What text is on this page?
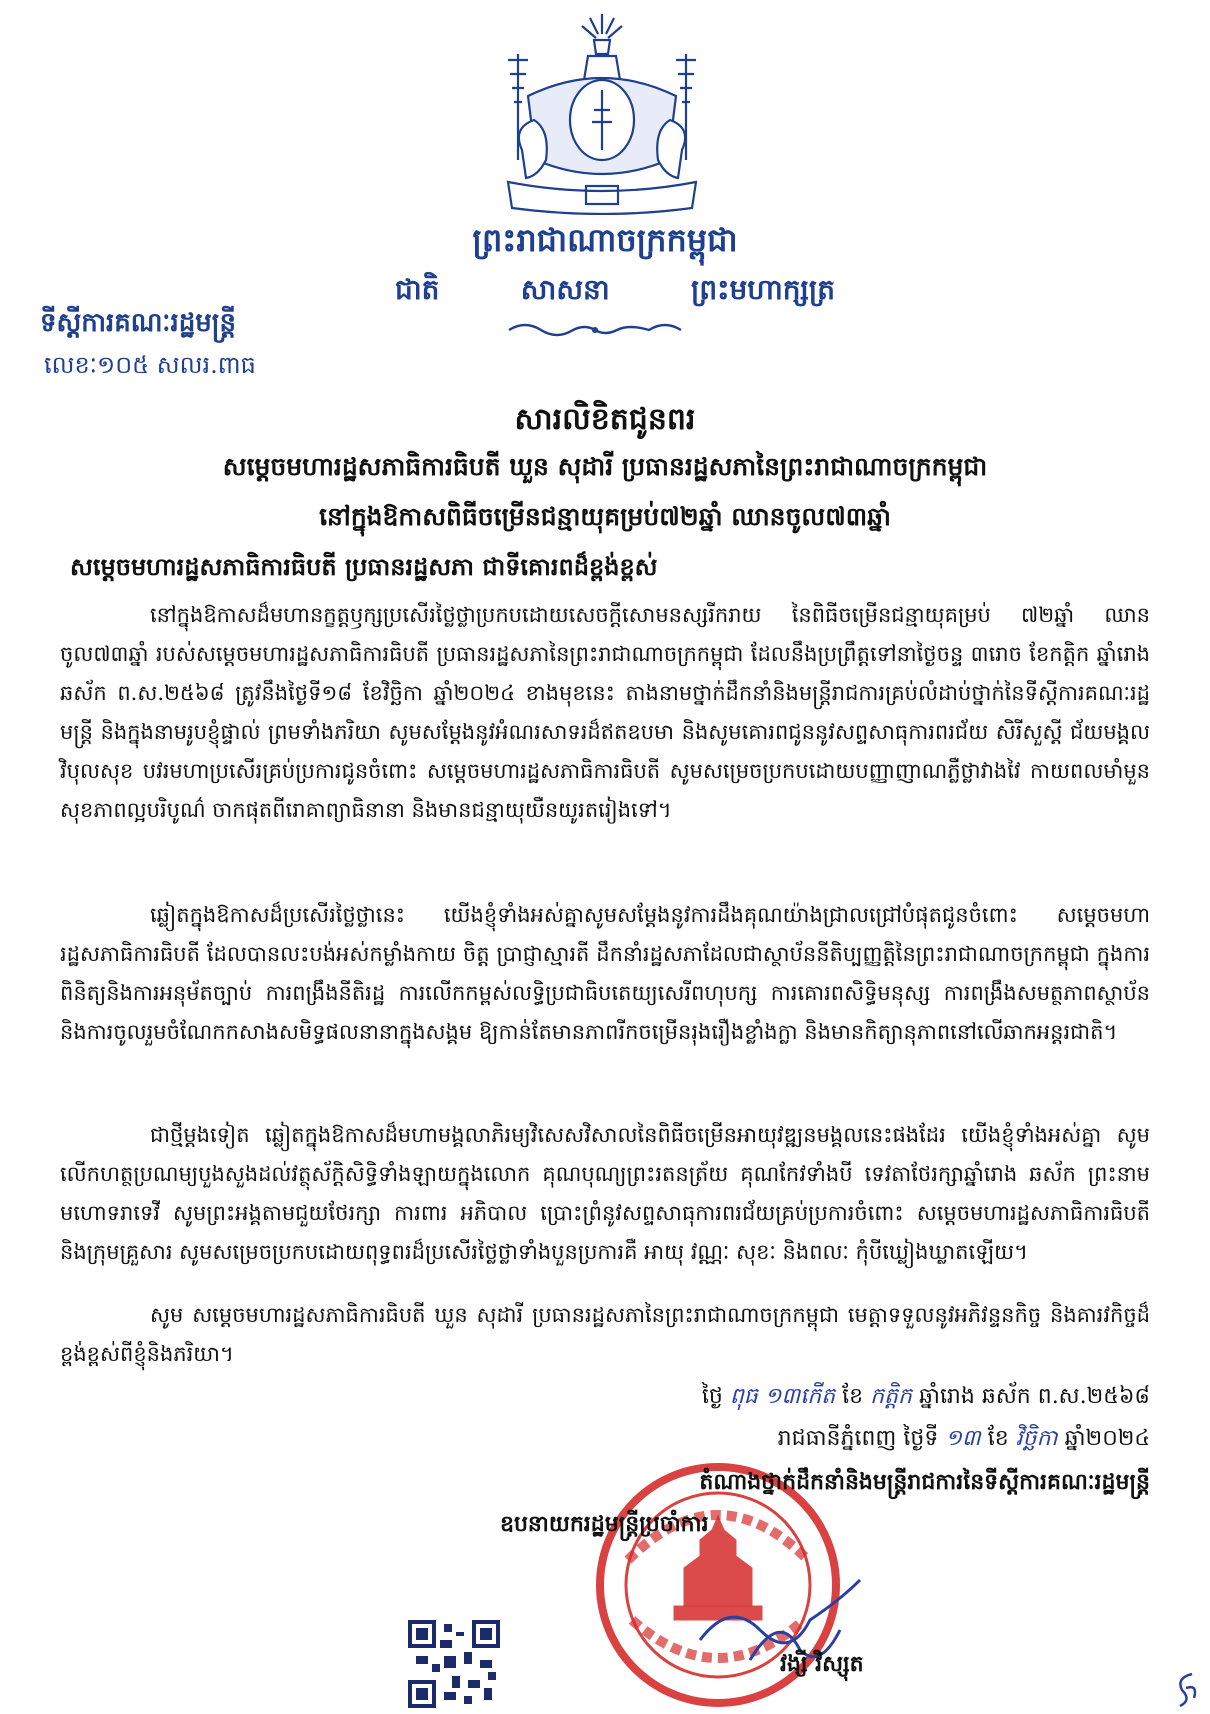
ព្រះរាជាណាចក្រកម្ពុជា
ជាតិ	សាសនា	ព្រះមហាក្សត្រ
ទីស្តីការគណៈរដ្ឋមន្ត្រី
លេខៈ១០៥ សលរ.ពាធ
សារលិខិតជូនពរ
សម្តេចមហារដ្ឋសភាធិការធិបតី ឃួន សុដារី ប្រធានរដ្ឋសភានៃព្រះរាជាណាចក្រកម្ពុជា
នៅក្នុងឱកាសពិធីចម្រើនជន្មាយុគម្រប់៧២ឆ្នាំ ឈានចូល៧៣ឆ្នាំ
សម្តេចមហារដ្ឋសភាធិការធិបតី ប្រធានរដ្ឋសភា ជាទីគោរពដ៏ខ្ពង់ខ្ពស់

នៅក្នុងឱកាសដ៏មហានក្ខត្តឫក្សប្រសើរថ្លៃថ្លាប្រកបដោយសេចក្តីសោមនស្សរីករាយ នៃពិធីចម្រើនជន្មាយុគម្រប់ ៧២ឆ្នាំ ឈានចូល៧៣ឆ្នាំ របស់សម្តេចមហារដ្ឋសភាធិការធិបតី ប្រធានរដ្ឋសភានៃព្រះរាជាណាចក្រកម្ពុជា ដែលនឹងប្រព្រឹត្តទៅនាថ្ងៃចន្ទ ៣រោច ខែកត្តិក ឆ្នាំរោង ឆស័ក ព.ស.២៥៦៨ ត្រូវនឹងថ្ងៃទី១៨ ខែវិច្ឆិកា ឆ្នាំ២០២៤ ខាងមុខនេះ តាងនាមថ្នាក់ដឹកនាំនិងមន្ត្រីរាជការគ្រប់លំដាប់ថ្នាក់នៃទីស្តីការគណៈរដ្ឋមន្ត្រី និងក្នុងនាមរូបខ្ញុំផ្ទាល់ ព្រមទាំងភរិយា សូមសម្តែងនូវអំណរសាទរដ៏ឥតឧបមា និងសូមគោរពជូននូវសព្ទសាធុការពរជ័យ សិរីសួស្តី ជ័យមង្គល វិបុលសុខ បវរមហាប្រសើរគ្រប់ប្រការជូនចំពោះ សម្តេចមហារដ្ឋសភាធិការធិបតី សូមសម្រេចប្រកបដោយបញ្ញាញាណភ្លឺថ្លាវាងវៃ កាយពលមាំមួន សុខភាពល្អបរិបូណ៌ ចាកផុតពីរោគាព្យាធិនានា និងមានជន្មាយុយឺនយូរតរៀងទៅ។

ឆ្លៀតក្នុងឱកាសដ៏ប្រសើរថ្លៃថ្លានេះ យើងខ្ញុំទាំងអស់គ្នាសូមសម្តែងនូវការដឹងគុណយ៉ាងជ្រាលជ្រៅបំផុតជូនចំពោះ សម្តេចមហារដ្ឋសភាធិការធិបតី ដែលបានលះបង់អស់កម្លាំងកាយ ចិត្ត ប្រាជ្ញាស្មារតី ដឹកនាំរដ្ឋសភាដែលជាស្ថាប័ននីតិប្បញ្ញត្តិនៃព្រះរាជាណាចក្រកម្ពុជា ក្នុងការពិនិត្យនិងការអនុម័តច្បាប់ ការពង្រឹងនីតិរដ្ឋ ការលើកកម្ពស់លទ្ធិប្រជាធិបតេយ្យសេរីពហុបក្ស ការគោរពសិទ្ធិមនុស្ស ការពង្រឹងសមត្ថភាពស្ថាប័ន និងការចូលរួមចំណែកកសាងសមិទ្ធផលនានាក្នុងសង្គម ឱ្យកាន់តែមានភាពរីកចម្រើនរុងរឿងខ្លាំងក្លា និងមានកិត្យានុភាពនៅលើឆាកអន្តរជាតិ។

ជាថ្មីម្តងទៀត ឆ្លៀតក្នុងឱកាសដ៏មហាមង្គលាភិរម្យវិសេសវិសាលនៃពិធីចម្រើនអាយុវឌ្ឍនមង្គលនេះផងដែរ យើងខ្ញុំទាំងអស់គ្នា សូមលើកហត្ថប្រណម្យបួងសួងដល់វត្ថុស័ក្តិសិទ្ធិទាំងឡាយក្នុងលោក គុណបុណ្យព្រះរតនត្រ័យ គុណកែវទាំងបី ទេវតាថែរក្សាឆ្នាំរោង ឆស័ក ព្រះនាម មហោទរាទេវី សូមព្រះអង្គតាមជួយថែរក្សា ការពារ អភិបាល ប្រោះព្រំនូវសព្ទសាធុការពរជ័យគ្រប់ប្រការចំពោះ សម្តេចមហារដ្ឋសភាធិការធិបតី និងក្រុមគ្រួសារ សូមសម្រេចប្រកបដោយពុទ្ធពរដ៏ប្រសើរថ្លៃថ្លាទាំងបួនប្រការគឺ អាយុ វណ្ណៈ សុខៈ និងពលៈ កុំបីឃ្លៀងឃ្លាតឡើយ។

សូម សម្តេចមហារដ្ឋសភាធិការធិបតី ឃួន សុដារី ប្រធានរដ្ឋសភានៃព្រះរាជាណាចក្រកម្ពុជា មេត្តាទទួលនូវអភិវន្ទនកិច្ច និងគារវកិច្ចដ៏ខ្ពង់ខ្ពស់ពីខ្ញុំនិងភរិយា។

ថ្ងៃ ពុធ ១៣កើត ខែ កត្តិក ឆ្នាំរោង ឆស័ក ព.ស.២៥៦៨
រាជធានីភ្នំពេញ ថ្ងៃទី ១៣ ខែ វិច្ឆិកា ឆ្នាំ២០២៤
តំណាងថ្នាក់ដឹកនាំនិងមន្ត្រីរាជការនៃទីស្តីការគណៈរដ្ឋមន្ត្រី
ឧបនាយករដ្ឋមន្ត្រីប្រចាំការ
វង្សី វិស្សុត
